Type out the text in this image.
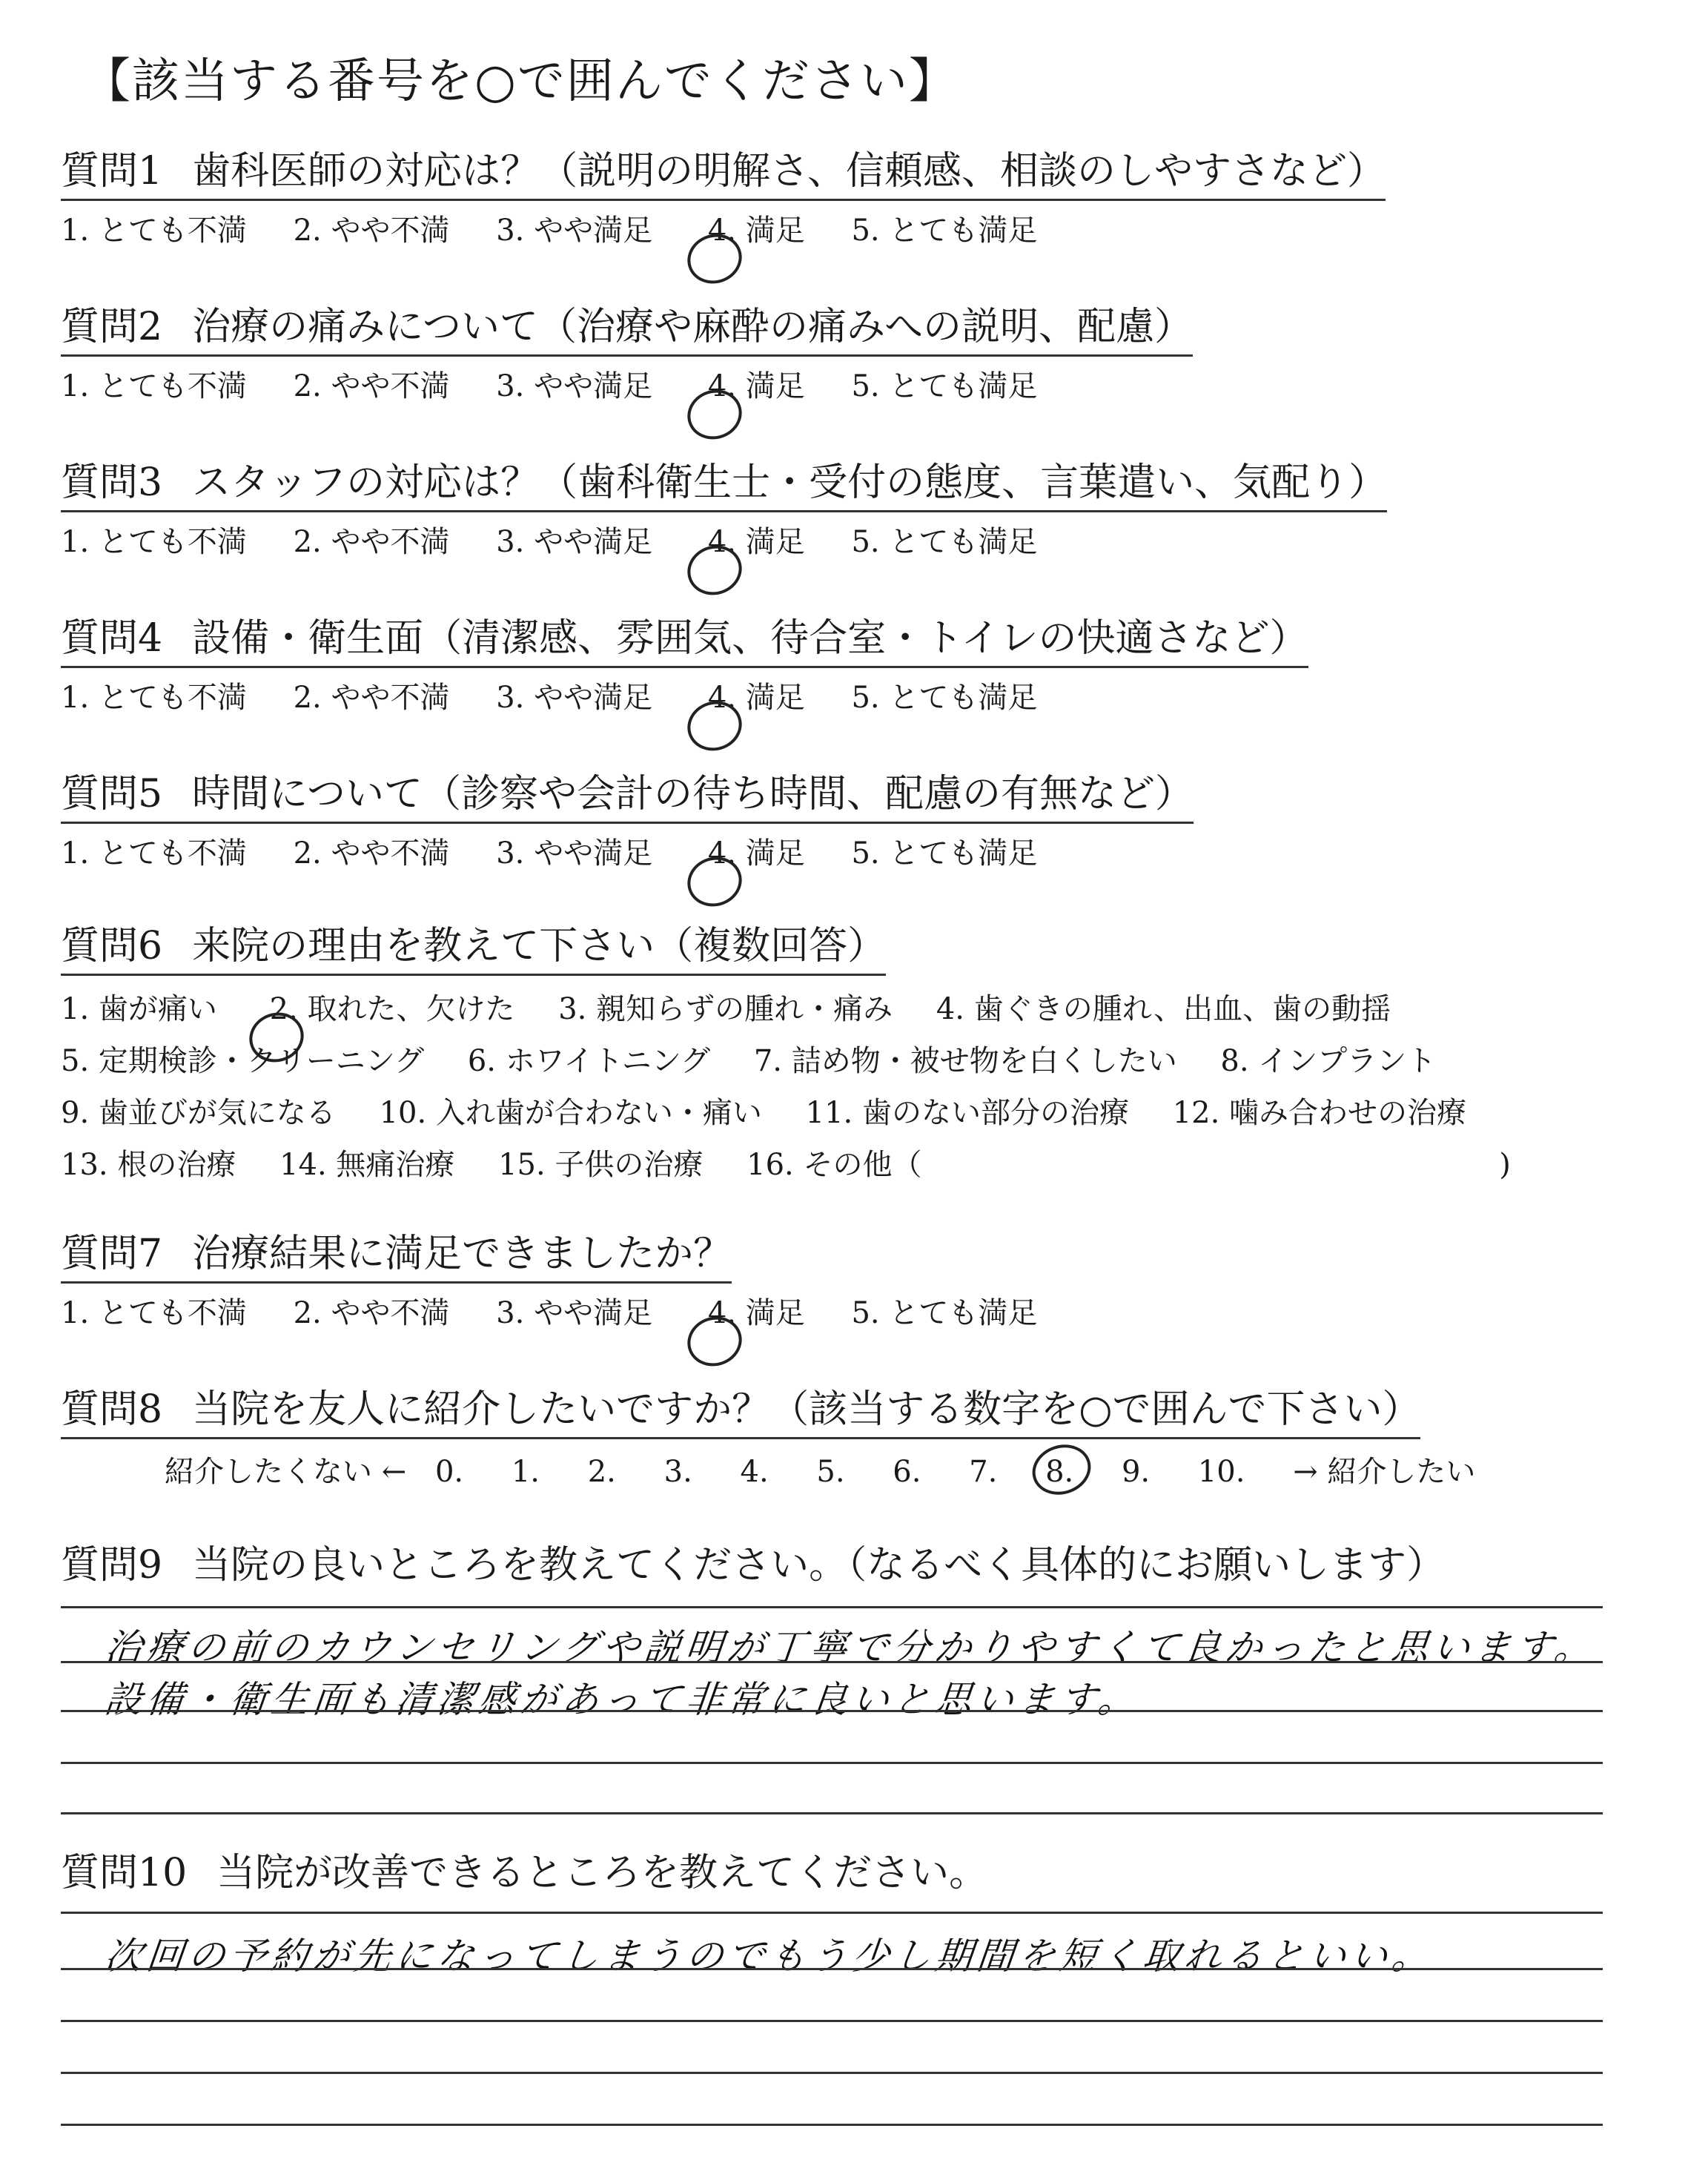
【該当する番号を○で囲んでください】
質問1 歯科医師の対応は？（説明の明解さ、信頼感、相談のしやすさなど）
1. とても不満 2. やや不満 3. やや満足 4. 満足 5. とても満足
質問2 治療の痛みについて（治療や麻酔の痛みへの説明、配慮）
1. とても不満 2. やや不満 3. やや満足 4. 満足 5. とても満足
質問3 スタッフの対応は？（歯科衛生士・受付の態度、言葉遣い、気配り）
1. とても不満 2. やや不満 3. やや満足 4. 満足 5. とても満足
質問4 設備・衛生面（清潔感、雰囲気、待合室・トイレの快適さなど）
1. とても不満 2. やや不満 3. やや満足 4. 満足 5. とても満足
質問5 時間について（診察や会計の待ち時間、配慮の有無など）
1. とても不満 2. やや不満 3. やや満足 4. 満足 5. とても満足
質問6 来院の理由を教えて下さい（複数回答）
1. 歯が痛い 2. 取れた、欠けた 3. 親知らずの腫れ・痛み 4. 歯ぐきの腫れ、出血、歯の動揺
5. 定期検診・クリーニング 6. ホワイトニング 7. 詰め物・被せ物を白くしたい 8. インプラント
9. 歯並びが気になる 10. 入れ歯が合わない・痛い 11. 歯のない部分の治療 12. 噛み合わせの治療
13. 根の治療 14. 無痛治療 15. 子供の治療 16. その他（	)
質問7 治療結果に満足できましたか？
1. とても不満 2. やや不満 3. やや満足 4. 満足 5. とても満足
質問8 当院を友人に紹介したいですか？（該当する数字を○で囲んで下さい）
紹介したくない ← 0. 1. 2. 3. 4. 5. 6. 7. 8. 9. 10. → 紹介したい
質問9 当院の良いところを教えてください。（なるべく具体的にお願いします）
治療の前のカウンセリングや説明が丁寧で分かりやすくて良かったと思います。
設備・衛生面も清潔感があって非常に良いと思います。
質問10 当院が改善できるところを教えてください。
次回の予約が先になってしまうのでもう少し期間を短く取れるといい。
